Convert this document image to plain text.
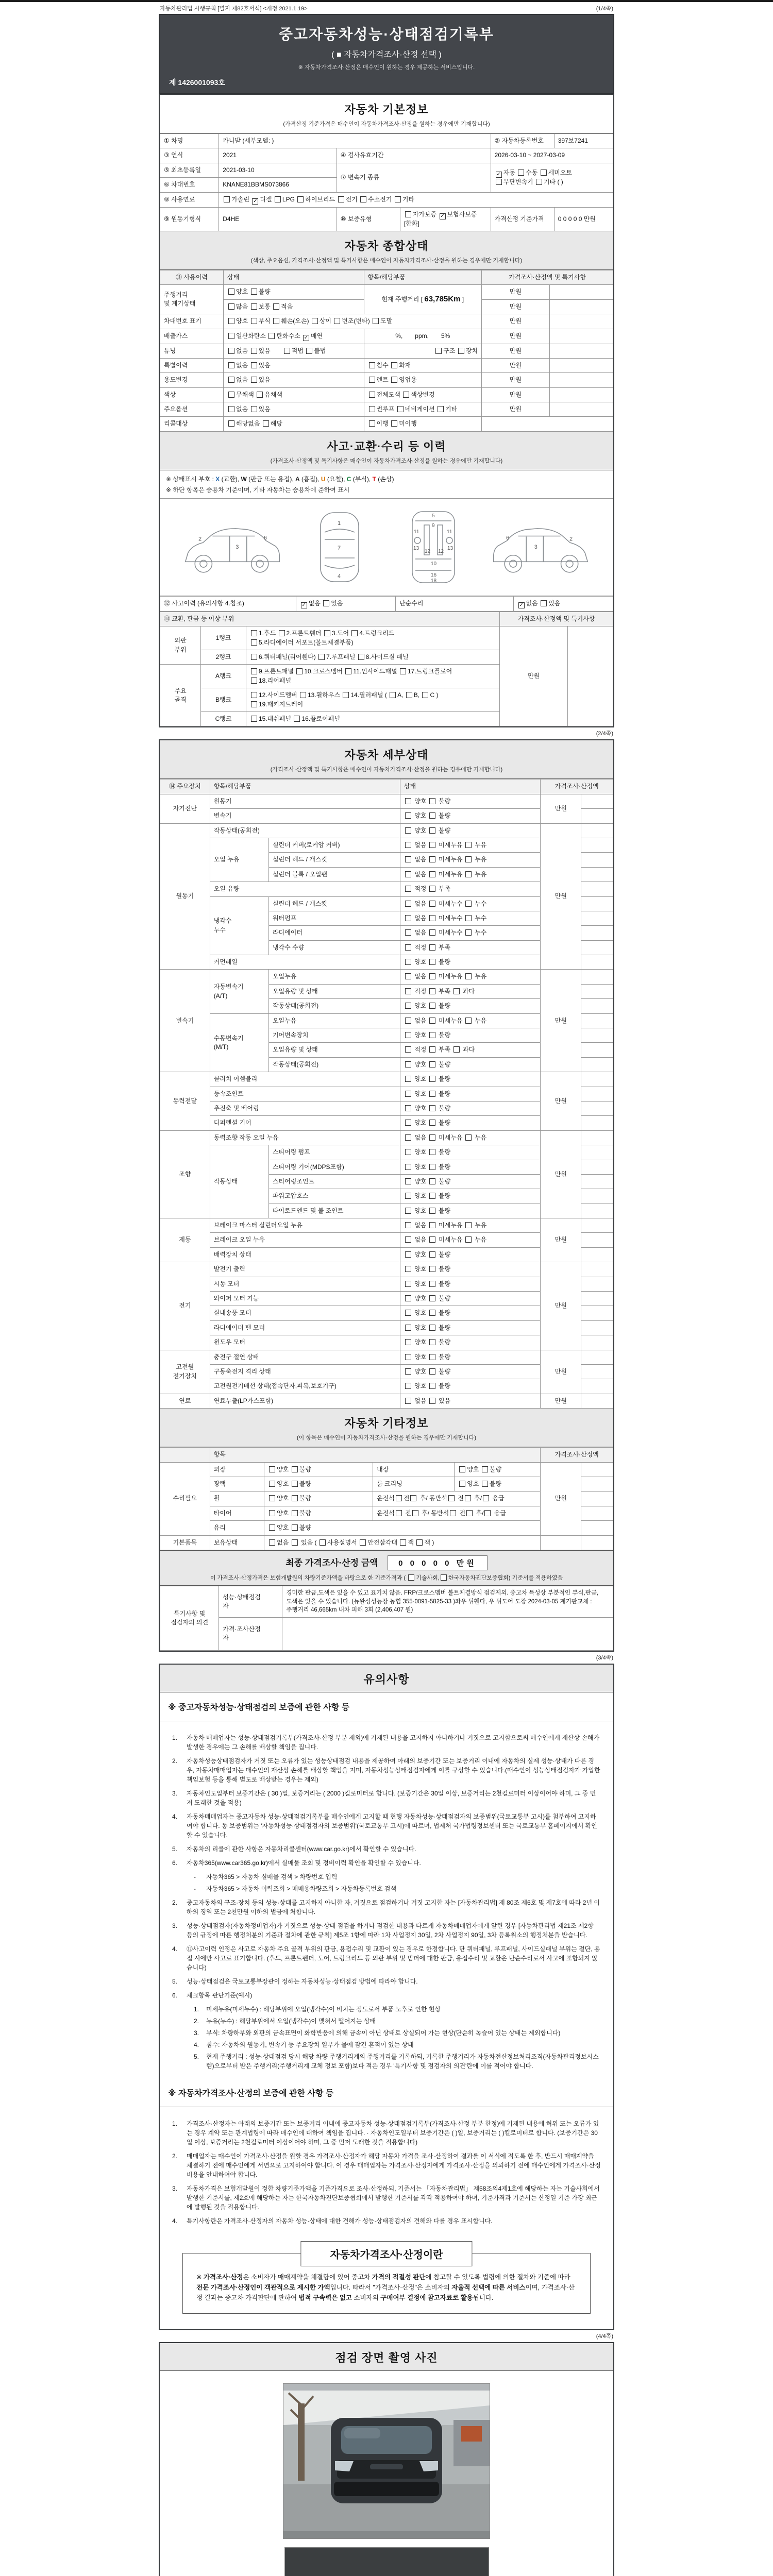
자동차관리법 시행규칙 [별지 제82호서식] <개정 2021.1.19>	(1/4쪽)
중고자동차성능·상태점검기록부
( ■ 자동차가격조사·산정 선택 )
※ 자동차가격조사·산정은 매수인이 원하는 경우 제공하는 서비스입니다.
제 1426001093호
자동차 기본정보

(가격산정 기준가격은 매수인이 자동차가격조사·산정을 원하는 경우에만 기재합니다)

① 차명	카니발 (세부모델: )			② 자동차등록번호	397보7241
③ 연식	2021	④ 검사유효기간		2026-03-10 ~ 2027-03-09	
⑤ 최초등록일	2021-03-10	⑦ 변속기 종류	✓자동 수동 세미오토
무단변속기 기타 ( )
⑥ 차대번호	KNANE81BBMS073866				
⑧ 사용연료	가솔린 ✓디젤 LPG 하이브리드 전기 수소전기 기타
⑨ 원동기형식	D4HE	⑩ 보증유형	자가보증 ✓보험사보증 [한화]	가격산정 기준가격	0 0 0 0 0 만원
자동차 종합상태

(색상, 주요옵션, 가격조사·산정액 및 특기사항은 매수인이 자동차가격조사·산정을 원하는 경우에만 기재합니다)

⑪ 사용이력	상태	항목/해당부품	가격조사·산정액 및 특기사항	
주행거리
및 계기상태	양호 불량	현재 주행거리 [ 63,785Km ]	만원	
	많음 보통 적음		만원	
차대번호 표기	양호 부식 훼손(오손) 상이 변조(변타) 도말		만원	
배출가스	일산화탄소 탄화수소 ✓매연	%,　　ppm,　　5%	만원	
튜닝	없음 있음　　적법 불법	구조 장치	만원	
특별이력	없음 있음	침수 화재	만원	
용도변경	없음 있음	렌트 영업용	만원	
색상	무채색 유채색	전체도색 색상변경	만원	
주요옵션	없음 있음	썬루프 네비게이션 기타	만원	
리콜대상	해당없음 해당	이행 미이행		
사고·교환·수리 등 이력

(가격조사·산정액 및 특기사항은 매수인이 자동차가격조사·산정을 원하는 경우에만 기재합니다)

※ 상태표시 부호 : X (교환), W (판금 또는 용접), A (흠집), U (요철), C (부식), T (손상)
※ 하단 항목은 승용차 기준이며, 기타 자동차는 승용차에 준하여 표시
2
3
6
1
4
7
5
9
11	11
13	13
12 12
10
16
18
2
3
6
⑫ 사고이력 (유의사항 4.참조)	✓없음 있음	단순수리	✓없음 있음
⑬ 교환, 판금 등 이상 부위			가격조사·산정액 및 특기사항	
외판
부위	1랭크	1.후드 2.프론트휀더 3.도어 4.트렁크리드
5.라디에이터 서포트(볼트체결부품)	만원	
	2랭크	6.쿼터패널(리어휀다) 7.루프패널 8.사이드실 패널		
주요
골격	A랭크	9.프론트패널 10.크로스멤버 11.인사이드패널 17.트렁크플로어
18.리어패널		
	B랭크	12.사이드멤버 13.휠하우스 14.필러패널 ( A, B, C )
19.패키지트레이		
	C랭크	15.대쉬패널 16.플로어패널		
(2/4쪽)
자동차 세부상태

(가격조사·산정액 및 특기사항은 매수인이 자동차가격조사·산정을 원하는 경우에만 기재합니다)

⑭ 주요장치	항목/해당부품		상태	가격조사·산정액	
자기진단	원동기		양호  불량	만원	
	변속기		양호  불량		
원동기	작동상태(공회전)		양호  불량	만원	
	오일 누유	실린더 커버(로커암 커버)	없음  미세누유  누유		
		실린더 헤드 / 개스킷	없음  미세누유  누유		
		실린더 블록 / 오일팬	없음  미세누유  누유		
	오일 유량		적정  부족		
	냉각수
누수	실린더 헤드 / 개스킷	없음  미세누수  누수		
		워터펌프	없음  미세누수  누수		
		라디에이터	없음  미세누수  누수		
		냉각수 수량	적정  부족		
	커먼레일		양호  불량		
변속기	자동변속기
(A/T)	오일누유	없음  미세누유  누유	만원	
		오일유량 및 상태	적정  부족  과다		
		작동상태(공회전)	양호  불량		
	수동변속기
(M/T)	오일누유	없음  미세누유  누유		
		기어변속장치	양호  불량		
		오일유량 및 상태	적정  부족  과다		
		작동상태(공회전)	양호  불량		
동력전달	클러치 어셈블리		양호  불량	만원	
	등속조인트		양호  불량		
	추진축 및 베어링		양호  불량		
	디퍼렌셜 기어		양호  불량		
조향	동력조향 작동 오일 누유		없음  미세누유  누유	만원	
	작동상태	스티어링 펌프	양호  불량		
		스티어링 기어(MDPS포함)	양호  불량		
		스티어링조인트	양호  불량		
		파워고압호스	양호  불량		
		타이로드엔드 및 볼 조인트	양호  불량		
제동	브레이크 마스터 실린더오일 누유		없음  미세누유  누유	만원	
	브레이크 오일 누유		없음  미세누유  누유		
	배력장치 상태		양호  불량		
전기	발전기 출력		양호  불량	만원	
	시동 모터		양호  불량		
	와이퍼 모터 기능		양호  불량		
	실내송풍 모터		양호  불량		
	라디에이터 팬 모터		양호  불량		
	윈도우 모터		양호  불량		
고전원
전기장치	충전구 절연 상태		양호  불량	만원	
	구동축전지 격리 상태		양호  불량		
	고전원전기배선 상태(접속단자,피복,보호기구)		양호  불량		
연료	연료누출(LP가스포함)		없음  있음	만원	
자동차 기타정보

(이 항목은 매수인이 자동차가격조사·산정을 원하는 경우에만 기재합니다)

	항목				가격조사·산정액	
수리필요	외장	양호 불량	내장	양호 불량	만원	
	광택	양호 불량	룸 크리닝	양호 불량		
	휠	양호 불량	운전석 전 후/ 동반석 전 후/ 응급			
	타이어	양호 불량	운전석 전 후/ 동반석 전 후/ 응급			
	유리	양호 불량				
기본품목	보유상태	없음  있음 ( 사용설명서 안전삼각대 잭 잭 )				
최종 가격조사·산정 금액	0 0 0 0 0 만원
이 가격조사·산정가격은 보험개발원의 차량기준가액을 바탕으로 한 기준가격과 ( 기술사회, 한국자동차진단보증협회) 기준서를 적용하였음
특기사항 및
점검자의 의견	성능·상태점검
자	경미한 판금,도색은 있을 수 있고 표기치 않음. FRP/크로스멤버 볼트체결방식 점검제외. 중고차 특성상 부분적인 부식,판금,도색은 있을 수 있습니다. (뉴완성성능장 농협 355-0091-5825-33 )좌우 뒤휀다, 우 뒤도어 도장 2024-03-05 계기판교체 : 주행거리 46,665km 내차 피해 3회 (2,406,407 원)
	가격·조사산정
자	
(3/4쪽)
유의사항
※ 중고자동차성능·상태점검의 보증에 관한 사항 등
1.	자동차 매매업자는 성능·상태점검기록부(가격조사·산정 부분 제외)에 기재된 내용을 고지하지 아니하거나 거짓으로 고지함으로써 매수인에게 재산상 손해가 발생한 경우에는 그 손해를 배상할 책임을 집니다.
2.	자동차성능상태점검자가 거짓 또는 오류가 있는 성능상태점검 내용을 제공하여 아래의 보증기간 또는 보증거리 이내에 자동차의 실제 성능·상태가 다른 경우, 자동차매매업자는 매수인의 재산상 손해를 배상할 책임을 지며, 자동차성능상태점검자에게 이를 구상할 수 있습니다.(매수인이 성능상태점검자가 가입한 책임보험 등을 통해 별도로 배상받는 경우는 제외)
3.	자동차인도일부터 보증기간은 ( 30 )일, 보증거리는 ( 2000 )킬로미터로 합니다. (보증기간은 30일 이상, 보증거리는 2천킬로미터 이상이어야 하며, 그 중 먼저 도래한 것을 적용)
4.	자동차매매업자는 중고자동차 성능·상태점검기록부를 매수인에게 고지할 때 현행 자동차성능·상태점검자의 보증범위(국토교통부 고시)를 첨부하여 고지하여야 합니다. 동 보증범위는 '자동차성능·상태점검자의 보증범위'(국토교통부 고시)에 따르며, 법제처 국가법령정보센터 또는 국토교통부 홈페이지에서 확인할 수 있습니다.
5.	자동차의 리콜에 관한 사항은 자동차리콜센터(www.car.go.kr)에서 확인할 수 있습니다.
6.	자동차365(www.car365.go.kr)에서 실매물 조회 및 정비이력 확인을 확인할 수 있습니다.
-	자동차365 > 자동차 실매물 검색 > 차량번호 입력
-	자동차365 > 자동차 이력조회 > 매매용차량조회 > 자동차등록번호 검색
2.	중고자동차의 구조·장치 등의 성능·상태를 고지하지 아니한 자, 거짓으로 점검하거나 거짓 고지한 자는 [자동차관리법] 제 80조 제6호 및 제7호에 따라 2년 이하의 징역 또는 2천만원 이하의 벌금에 처합니다.
3.	성능·상태점검자(자동차정비업자)가 거짓으로 성능·상태 점검을 하거나 점검한 내용과 다르게 자동차매매업자에게 알린 경우 [자동차관리법 제21조 제2항 등의 규정에 따른 행정처분의 기준과 절차에 관한 규칙] 제5조 1항에 따라 1차 사업정지 30일, 2차 사업정지 90일, 3차 등록취소의 행정처분을 받습니다.
4.	⑫사고이력 인정은 사고로 자동차 주요 골격 부위의 판금, 용접수리 및 교환이 있는 경우로 한정합니다. 단 쿼터패널, 루프패널, 사이드실패널 부위는 절단, 용접 시에만 사고로 표기합니다. (후드, 프론트펜더, 도어, 트렁크리드 등 외판 부위 및 범퍼에 대한 판금, 용접수리 및 교환은 단순수리로서 사고에 포함되지 않습니다)
5.	성능·상태점검은 국토교통부장관이 정하는 자동차성능·상태점검 방법에 따라야 합니다.
6.	체크항목 판단기준(예시)
1.	미세누유(미세누수) : 해당부위에 오일(냉각수)이 비치는 정도로서 부품 노후로 인한 현상
2.	누유(누수) : 해당부위에서 오일(냉각수)이 맺혀서 떨어지는 상태
3.	부식: 차량하부와 외판의 금속표면이 화학반응에 의해 금속이 아닌 상태로 상실되어 가는 현상(단순히 녹슬어 있는 상태는 제외합니다)
4.	침수: 자동차의 원동기, 변속기 등 주요장치 일부가 물에 잠긴 흔적이 있는 상태
5.	현재 주행거리 : 성능·상태점검 당시 해당 차량 주행거리계의 주행거리를 기록하되, 기록한 주행거리가 자동차전산정보처리조직(자동차관리정보시스템)으로부터 받은 주행거리(주행거리계 교체 정보 포함)보다 적은 경우 '특기사항 및 점검자의 의견'란에 이를 적어야 합니다.
※ 자동차가격조사·산정의 보증에 관한 사항 등
1.	가격조사·산정자는 아래의 보증기간 또는 보증거리 이내에 중고자동차 성능·상태점검기록부(가격조사·산정 부분 한정)에 기재된 내용에 허위 또는 오류가 있는 경우 계약 또는 관계법령에 따라 매수인에 대하여 책임을 집니다. · 자동차인도일부터 보증기간은 ( )일, 보증거리는 ( )킬로미터로 합니다. (보증기간은 30일 이상, 보증거리는 2천킬로미터 이상이어야 하며, 그 중 먼저 도래한 것을 적용합니다)
2.	매매업자는 매수인이 가격조사·산정을 원할 경우 가격조사·산정자가 해당 자동차 가격을 조사·산정하여 결과를 이 서식에 적도록 한 후, 반드시 매매계약을 체결하기 전에 매수인에게 서면으로 고지하여야 합니다. 이 경우 매매업자는 가격조사·산정자에게 가격조사·산정을 의뢰하기 전에 매수인에게 가격조사·산정 비용을 안내하여야 합니다.
3.	자동차가격은 보험개발원이 정한 차량기준가액을 기준가격으로 조사·산정하되, 기준서는 「자동차관리법」 제58조의4제1호에 해당하는 자는 기술사회에서 발행한 기준서를, 제2호에 해당하는 자는 한국자동차진단보증협회에서 발행한 기준서를 각각 적용하여야 하며, 기준가격과 기준서는 산정일 기준 가장 최근에 발행된 것을 적용합니다.
4.	특기사항란은 가격조사·산정자의 자동차 성능·상태에 대한 견해가 성능·상태점검자의 견해와 다를 경우 표시합니다.
자동차가격조사·산정이란
※ 가격조사·산정은 소비자가 매매계약을 체결함에 있어 중고차 가격의 적절성 판단에 참고할 수 있도록 법령에 의한 절차와 기준에 따라 전문 가격조사·산정인이 객관적으로 제시한 가액입니다. 따라서 "가격조사·산정"은 소비자의 자율적 선택에 따른 서비스이며, 가격조사·산정 결과는 중고차 가격판단에 관하여 법적 구속력은 없고 소비자의 구매여부 결정에 참고자료로 활용됩니다.
(4/4쪽)
점검 장면 촬영 사진
